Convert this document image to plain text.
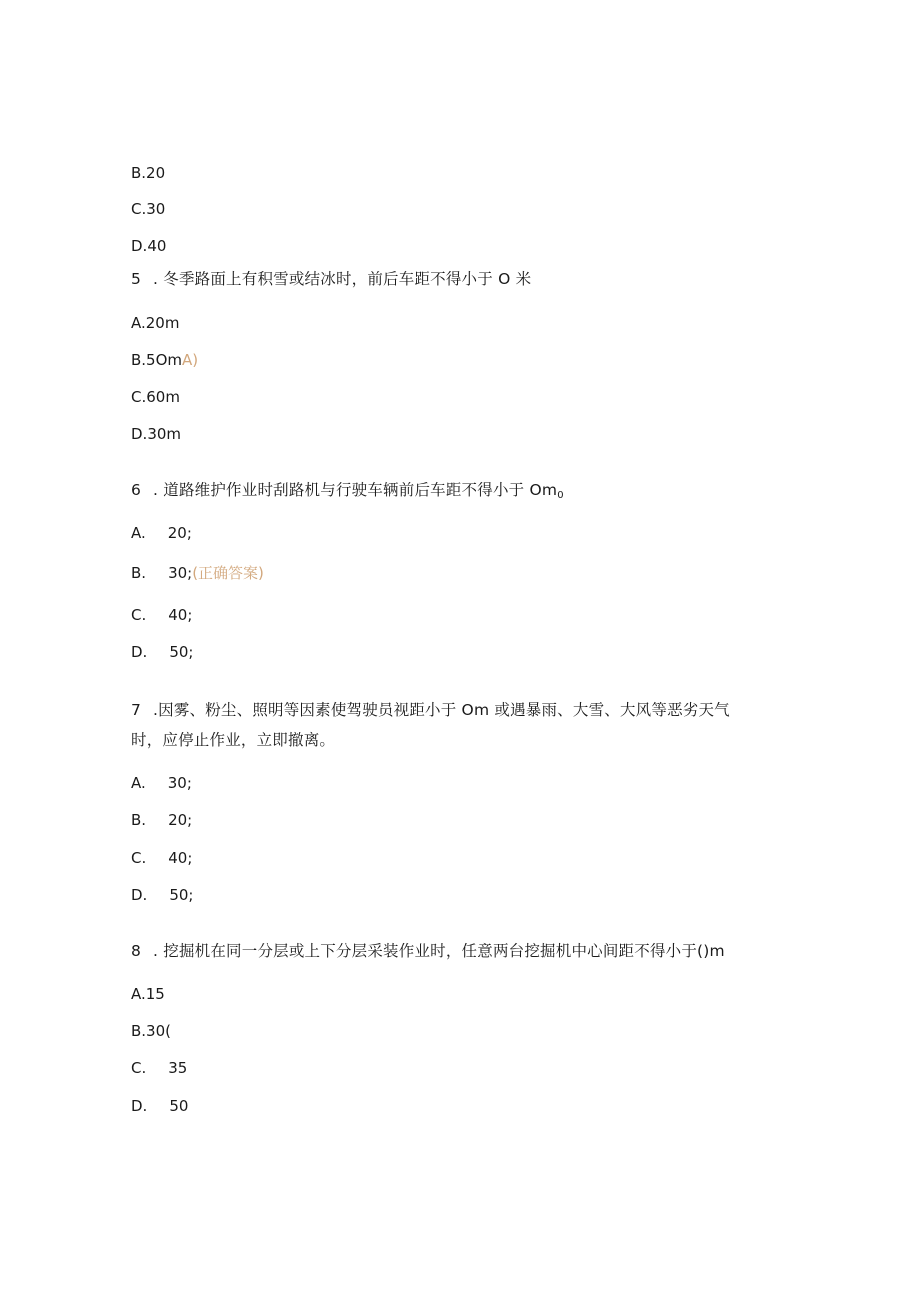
B.20
C.30
D.40
5 . 冬季路面上有积雪或结冰时，前后车距不得小于 O 米
A.20m
B.5OmA)
C.60m
D.30m
6 . 道路维护作业时刮路机与行驶车辆前后车距不得小于 Om0
A. 20;
B. 30;(正确答案)
C. 40;
D. 50;
7 .因雾、粉尘、照明等因素使驾驶员视距小于 Om 或遇暴雨、大雪、大风等恶劣天气
时，应停止作业，立即撤离。
A. 30;
B. 20;
C. 40;
D. 50;
8 . 挖掘机在同一分层或上下分层采装作业时，任意两台挖掘机中心间距不得小于()m
A.15
B.30(
C. 35
D. 50
